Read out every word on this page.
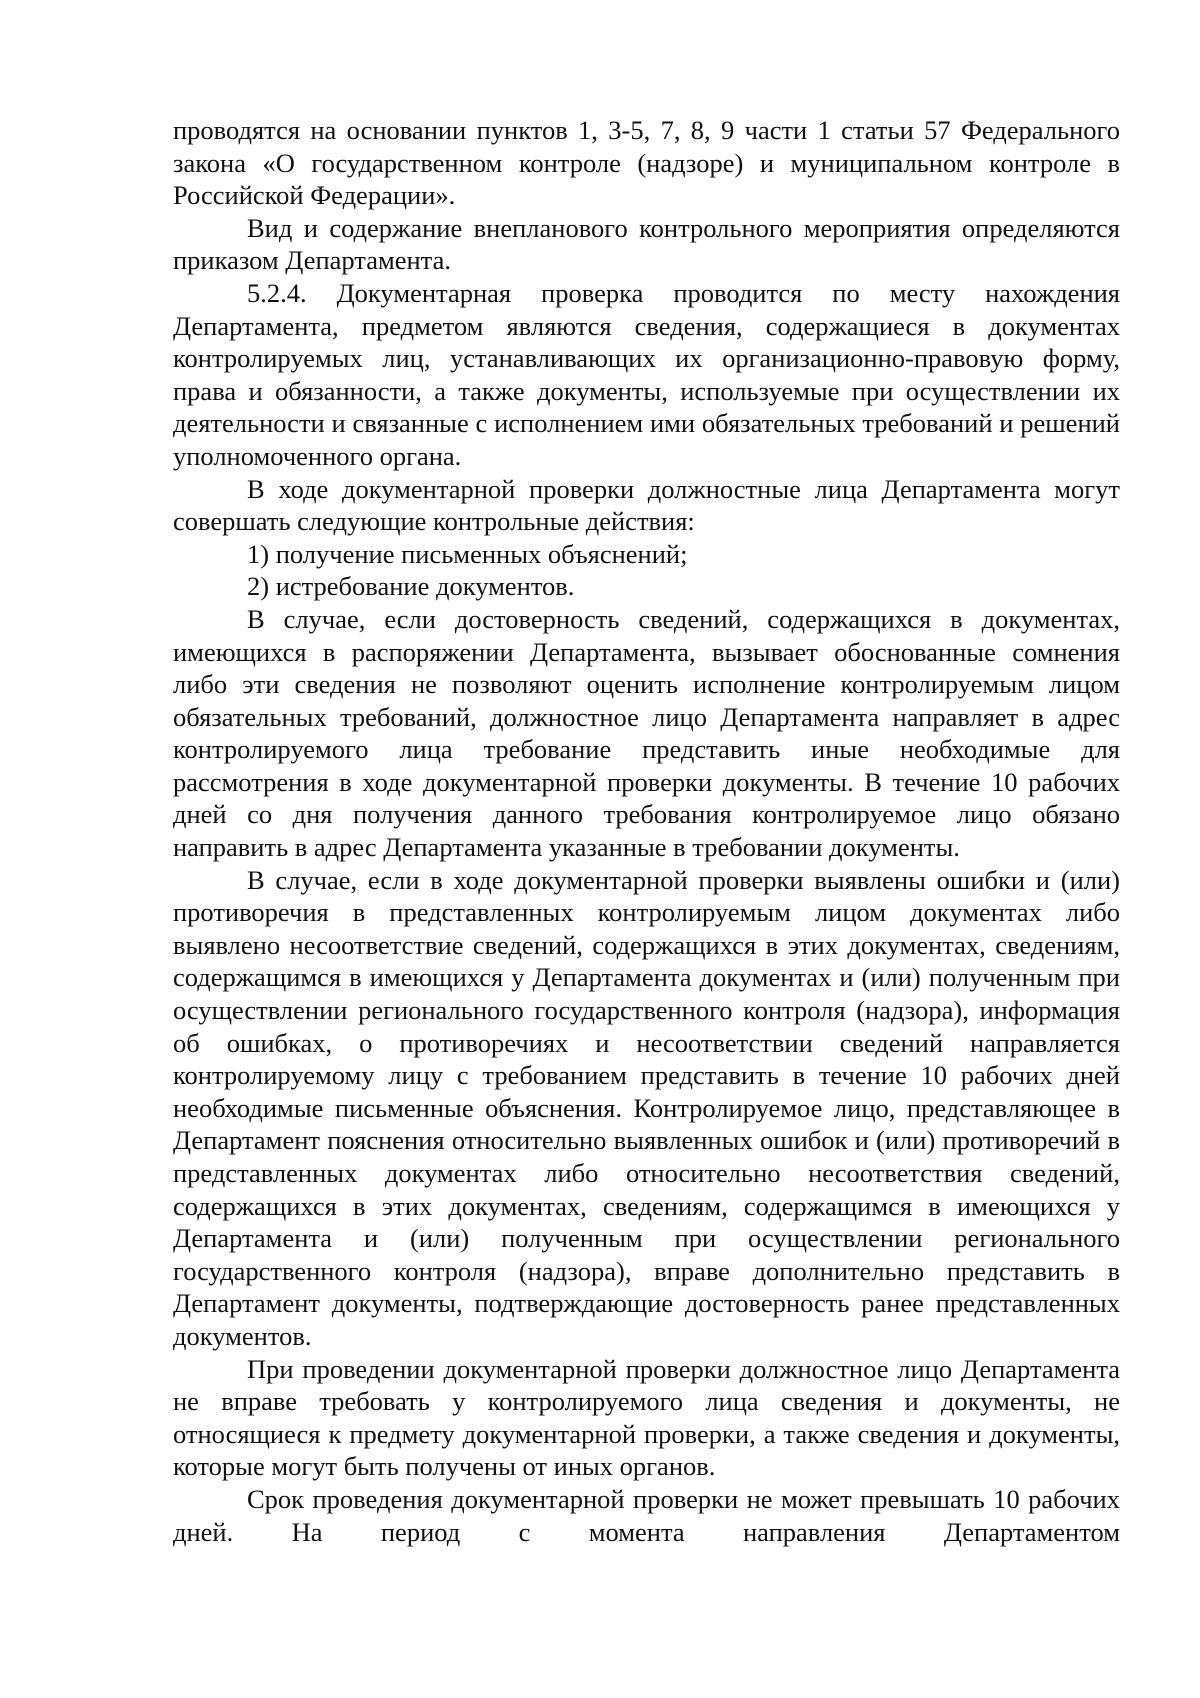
проводятся на основании пунктов 1, 3-5, 7, 8, 9 части 1 статьи 57 Федерального закона «О государственном контроле (надзоре) и муниципальном контроле в Российской Федерации».

Вид и содержание внепланового контрольного мероприятия определяются приказом Департамента.

5.2.4. Документарная проверка проводится по месту нахождения Департамента, предметом являются сведения, содержащиеся в документах контролируемых лиц, устанавливающих их организационно-правовую форму, права и обязанности, а также документы, используемые при осуществлении их деятельности и связанные с исполнением ими обязательных требований и решений уполномоченного органа.

В ходе документарной проверки должностные лица Департамента могут совершать следующие контрольные действия:

1) получение письменных объяснений;

2) истребование документов.

В случае, если достоверность сведений, содержащихся в документах, имеющихся в распоряжении Департамента, вызывает обоснованные сомнения либо эти сведения не позволяют оценить исполнение контролируемым лицом обязательных требований, должностное лицо Департамента направляет в адрес контролируемого лица требование представить иные необходимые для рассмотрения в ходе документарной проверки документы. В течение 10 рабочих дней со дня получения данного требования контролируемое лицо обязано направить в адрес Департамента указанные в требовании документы.

В случае, если в ходе документарной проверки выявлены ошибки и (или) противоречия в представленных контролируемым лицом документах либо выявлено несоответствие сведений, содержащихся в этих документах, сведениям, содержащимся в имеющихся у Департамента документах и (или) полученным при осуществлении регионального государственного контроля (надзора), информация об ошибках, о противоречиях и несоответствии сведений направляется контролируемому лицу с требованием представить в течение 10 рабочих дней необходимые письменные объяснения. Контролируемое лицо, представляющее в Департамент пояснения относительно выявленных ошибок и (или) противоречий в представленных документах либо относительно несоответствия сведений, содержащихся в этих документах, сведениям, содержащимся в имеющихся у Департамента и (или) полученным при осуществлении регионального государственного контроля (надзора), вправе дополнительно представить в Департамент документы, подтверждающие достоверность ранее представленных документов.

При проведении документарной проверки должностное лицо Департамента не вправе требовать у контролируемого лица сведения и документы, не относящиеся к предмету документарной проверки, а также сведения и документы, которые могут быть получены от иных органов.

Срок проведения документарной проверки не может превышать 10 рабочих дней. На период с момента направления Департаментом
